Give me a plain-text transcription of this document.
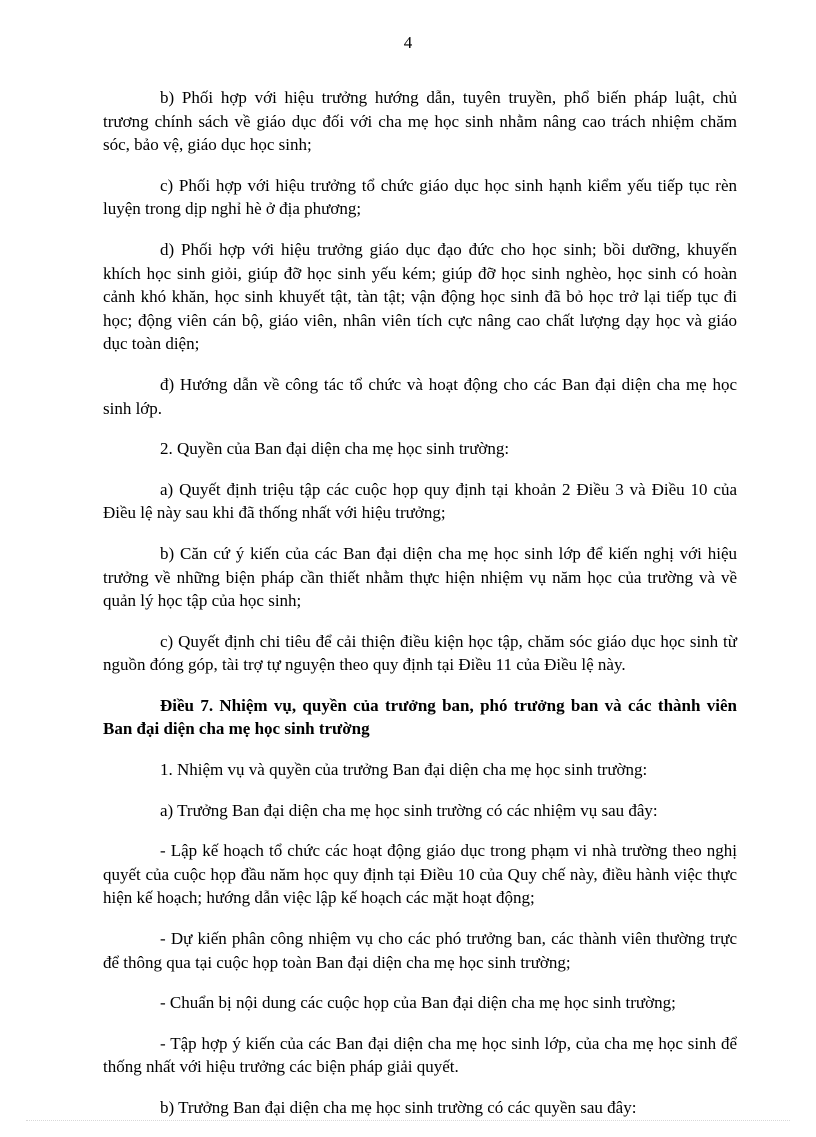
4

b) Phối hợp với hiệu trưởng hướng dẫn, tuyên truyền, phổ biến pháp luật, chủ trương chính sách về giáo dục đối với cha mẹ học sinh nhằm nâng cao trách nhiệm chăm sóc, bảo vệ, giáo dục học sinh;

c) Phối hợp với hiệu trưởng tổ chức giáo dục học sinh hạnh kiểm yếu tiếp tục rèn luyện trong dịp nghỉ hè ở địa phương;

d) Phối hợp với hiệu trưởng giáo dục đạo đức cho học sinh; bồi dưỡng, khuyến khích học sinh giỏi, giúp đỡ học sinh yếu kém; giúp đỡ học sinh nghèo, học sinh có hoàn cảnh khó khăn, học sinh khuyết tật, tàn tật; vận động học sinh đã bỏ học trở lại tiếp tục đi học; động viên cán bộ, giáo viên, nhân viên tích cực nâng cao chất lượng dạy học và giáo dục toàn diện;

đ) Hướng dẫn về công tác tổ chức và hoạt động cho các Ban đại diện cha mẹ học sinh lớp.

2. Quyền của Ban đại diện cha mẹ học sinh trường:

a) Quyết định triệu tập các cuộc họp quy định tại khoản 2 Điều 3 và Điều 10 của Điều lệ này sau khi đã thống nhất với hiệu trưởng;

b) Căn cứ ý kiến của các Ban đại diện cha mẹ học sinh lớp để kiến nghị với hiệu trưởng về những biện pháp cần thiết nhằm thực hiện nhiệm vụ năm học của trường và về quản lý học tập của học sinh;

c) Quyết định chi tiêu để cải thiện điều kiện học tập, chăm sóc giáo dục học sinh từ nguồn đóng góp, tài trợ tự nguyện theo quy định tại Điều 11 của Điều lệ này.

Điều 7. Nhiệm vụ, quyền của trưởng ban, phó trưởng ban và các thành viên Ban đại diện cha mẹ học sinh trường

1. Nhiệm vụ và quyền của trưởng Ban đại diện cha mẹ học sinh trường:

a) Trưởng Ban đại diện cha mẹ học sinh trường có các nhiệm vụ sau đây:

- Lập kế hoạch tổ chức các hoạt động giáo dục trong phạm vi nhà trường theo nghị quyết của cuộc họp đầu năm học quy định tại Điều 10 của Quy chế này, điều hành việc thực hiện kế hoạch; hướng dẫn việc lập kế hoạch các mặt hoạt động;

- Dự kiến phân công nhiệm vụ cho các phó trưởng ban, các thành viên thường trực để thông qua tại cuộc họp toàn Ban đại diện cha mẹ học sinh trường;

- Chuẩn bị nội dung các cuộc họp của Ban đại diện cha mẹ học sinh trường;

- Tập hợp ý kiến của các Ban đại diện cha mẹ học sinh lớp, của cha mẹ học sinh để thống nhất với hiệu trưởng các biện pháp giải quyết.

b) Trưởng Ban đại diện cha mẹ học sinh trường có các quyền sau đây:
